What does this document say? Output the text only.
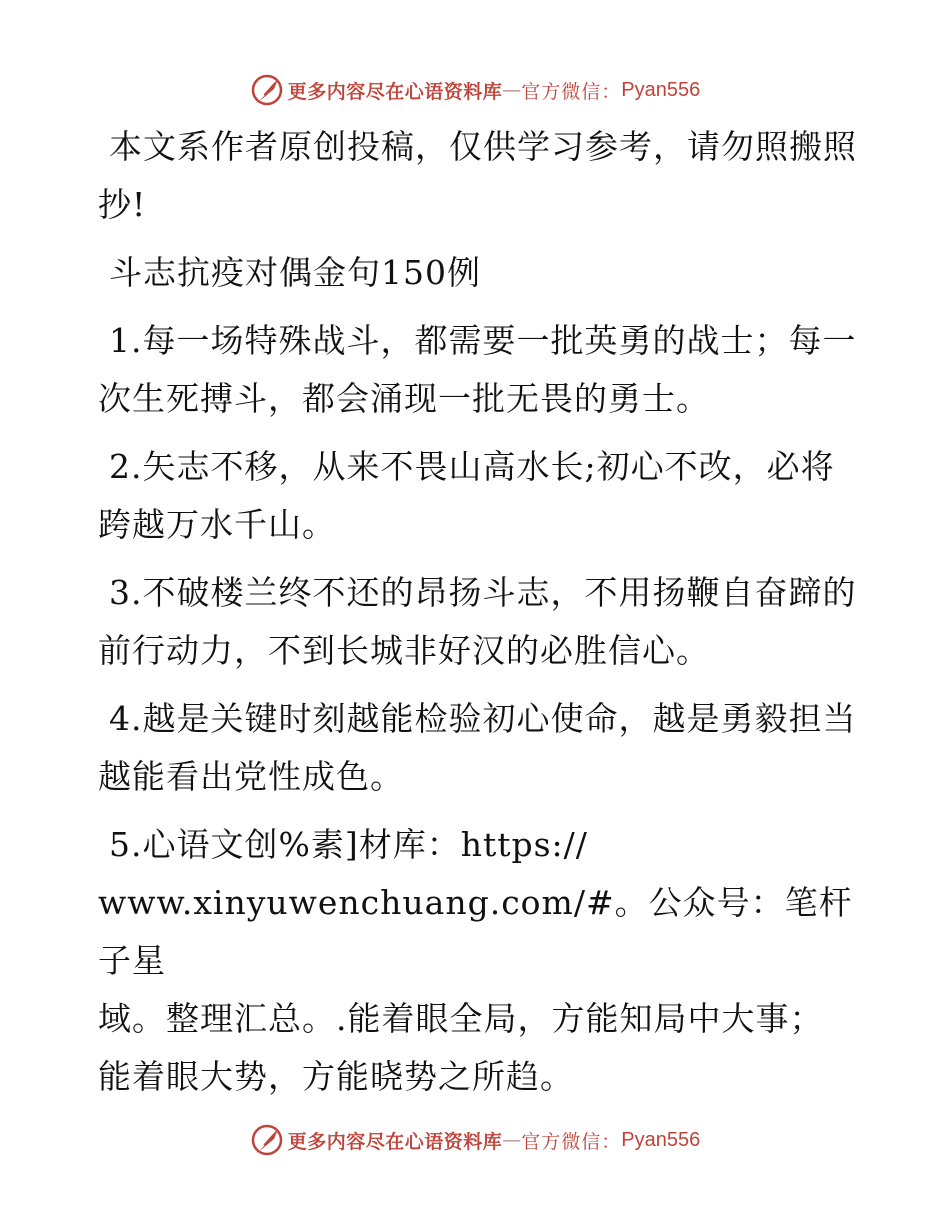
更多内容尽在心语资料库 — 官方微信： Pyan556

本文系作者原创投稿，仅供学习参考，请勿照搬照抄!

斗志抗疫对偶金句150例

1.每一场特殊战斗，都需要一批英勇的战士；每一次生死搏斗，都会涌现一批无畏的勇士。

2.矢志不移，从来不畏山高水长;初心不改，必将跨越万水千山。

3.不破楼兰终不还的昂扬斗志，不用扬鞭自奋蹄的前行动力，不到长城非好汉的必胜信心。

4.越是关键时刻越能检验初心使命，越是勇毅担当越能看出党性成色。

5.心语文创%素]材库：https://
www.xinyuwenchuang.com/#。公众号：笔杆子星
域。整理汇总。.能着眼全局，方能知局中大事；
能着眼大势，方能晓势之所趋。

更多内容尽在心语资料库 — 官方微信： Pyan556
